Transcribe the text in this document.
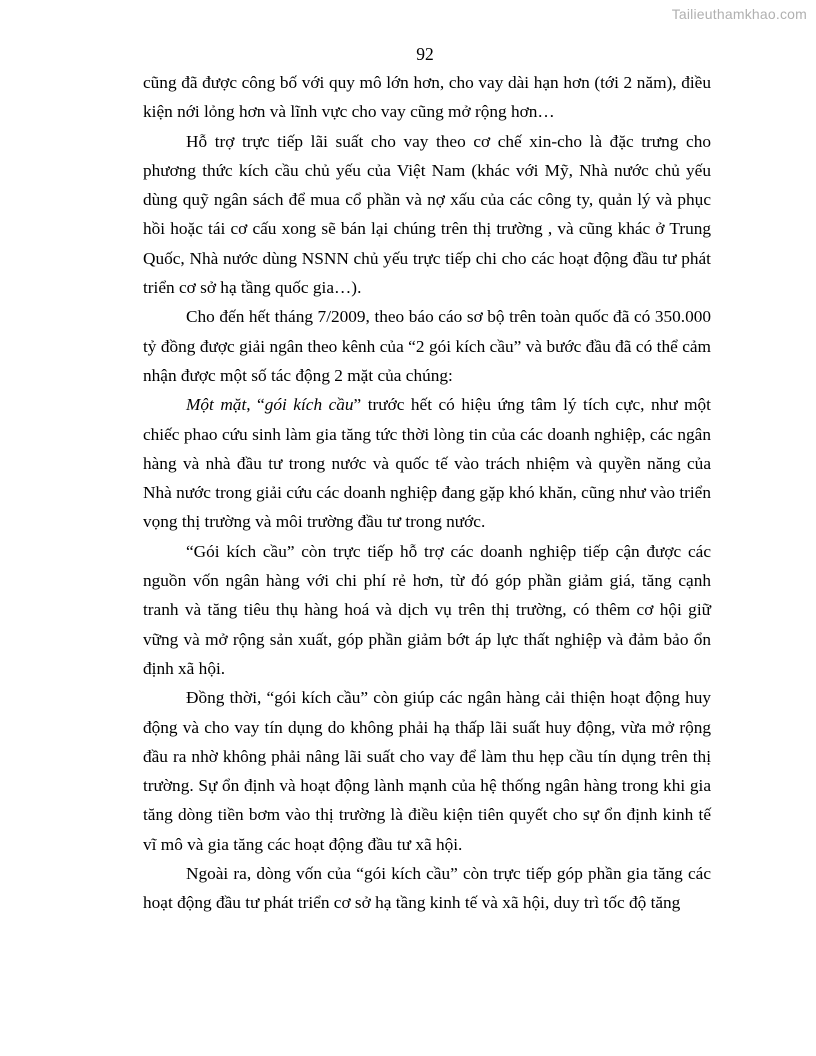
Tailieuthamkhao.com
92

cũng đã được công bố với quy mô lớn hơn, cho vay dài hạn hơn (tới 2 năm), điều kiện nới lỏng hơn và lĩnh vực cho vay cũng mở rộng hơn…

Hỗ trợ trực tiếp lãi suất cho vay theo cơ chế xin-cho là đặc trưng cho phương thức kích cầu chủ yếu của Việt Nam (khác với Mỹ, Nhà nước chủ yếu dùng quỹ ngân sách để mua cổ phần và nợ xấu của các công ty, quản lý và phục hồi hoặc tái cơ cấu xong sẽ bán lại chúng trên thị trường , và cũng khác ở Trung Quốc, Nhà nước dùng NSNN chủ yếu trực tiếp chi cho các hoạt động đầu tư phát triển cơ sở hạ tầng quốc gia…).

Cho đến hết tháng 7/2009, theo báo cáo sơ bộ trên toàn quốc đã có 350.000 tỷ đồng được giải ngân theo kênh của “2 gói kích cầu” và bước đầu đã có thể cảm nhận được một số tác động 2 mặt của chúng:

Một mặt, “gói kích cầu” trước hết có hiệu ứng tâm lý tích cực, như một chiếc phao cứu sinh làm gia tăng tức thời lòng tin của các doanh nghiệp, các ngân hàng và nhà đầu tư trong nước và quốc tế vào trách nhiệm và quyền năng của Nhà nước trong giải cứu các doanh nghiệp đang gặp khó khăn, cũng như vào triển vọng thị trường và môi trường đầu tư trong nước.

“Gói kích cầu” còn trực tiếp hỗ trợ các doanh nghiệp tiếp cận được các nguồn vốn ngân hàng với chi phí rẻ hơn, từ đó góp phần giảm giá, tăng cạnh tranh và tăng tiêu thụ hàng hoá và dịch vụ trên thị trường, có thêm cơ hội giữ vững và mở rộng sản xuất, góp phần giảm bớt áp lực thất nghiệp và đảm bảo ổn định xã hội.

Đồng thời, “gói kích cầu” còn giúp các ngân hàng cải thiện hoạt động huy động và cho vay tín dụng do không phải hạ thấp lãi suất huy động, vừa mở rộng đầu ra nhờ không phải nâng lãi suất cho vay để làm thu hẹp cầu tín dụng trên thị trường. Sự ổn định và hoạt động lành mạnh của hệ thống ngân hàng trong khi gia tăng dòng tiền bơm vào thị trường là điều kiện tiên quyết cho sự ổn định kinh tế vĩ mô và gia tăng các hoạt động đầu tư xã hội.

Ngoài ra, dòng vốn của “gói kích cầu” còn trực tiếp góp phần gia tăng các hoạt động đầu tư phát triển cơ sở hạ tầng kinh tế và xã hội, duy trì tốc độ tăng
